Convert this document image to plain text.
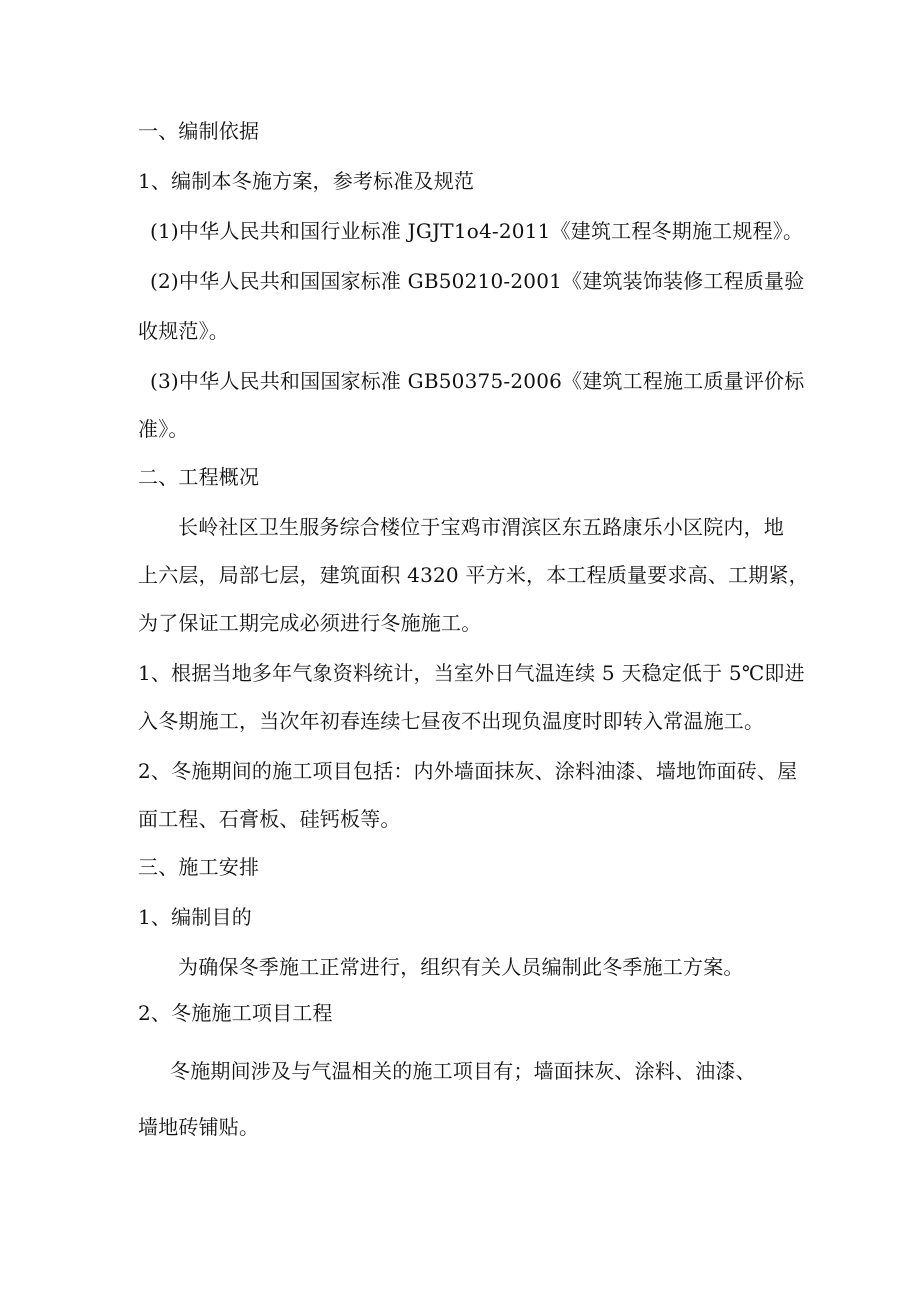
一、编制依据
1、编制本冬施方案，参考标准及规范
(1)中华人民共和国行业标准 JGJT1o4-2011《建筑工程冬期施工规程》。
(2)中华人民共和国国家标准 GB50210-2001《建筑装饰装修工程质量验
收规范》。
(3)中华人民共和国国家标准 GB50375-2006《建筑工程施工质量评价标
准》。
二、工程概况
长岭社区卫生服务综合楼位于宝鸡市渭滨区东五路康乐小区院内，地
上六层，局部七层，建筑面积 4320 平方米，本工程质量要求高、工期紧，
为了保证工期完成必须进行冬施施工。
1、根据当地多年气象资料统计，当室外日气温连续 5 天稳定低于 5℃即进
入冬期施工，当次年初春连续七昼夜不出现负温度时即转入常温施工。
2、冬施期间的施工项目包括：内外墙面抹灰、涂料油漆、墙地饰面砖、屋
面工程、石膏板、硅钙板等。
三、施工安排
1、编制目的
为确保冬季施工正常进行，组织有关人员编制此冬季施工方案。
2、冬施施工项目工程
冬施期间涉及与气温相关的施工项目有；墙面抹灰、涂料、油漆、
墙地砖铺贴。
